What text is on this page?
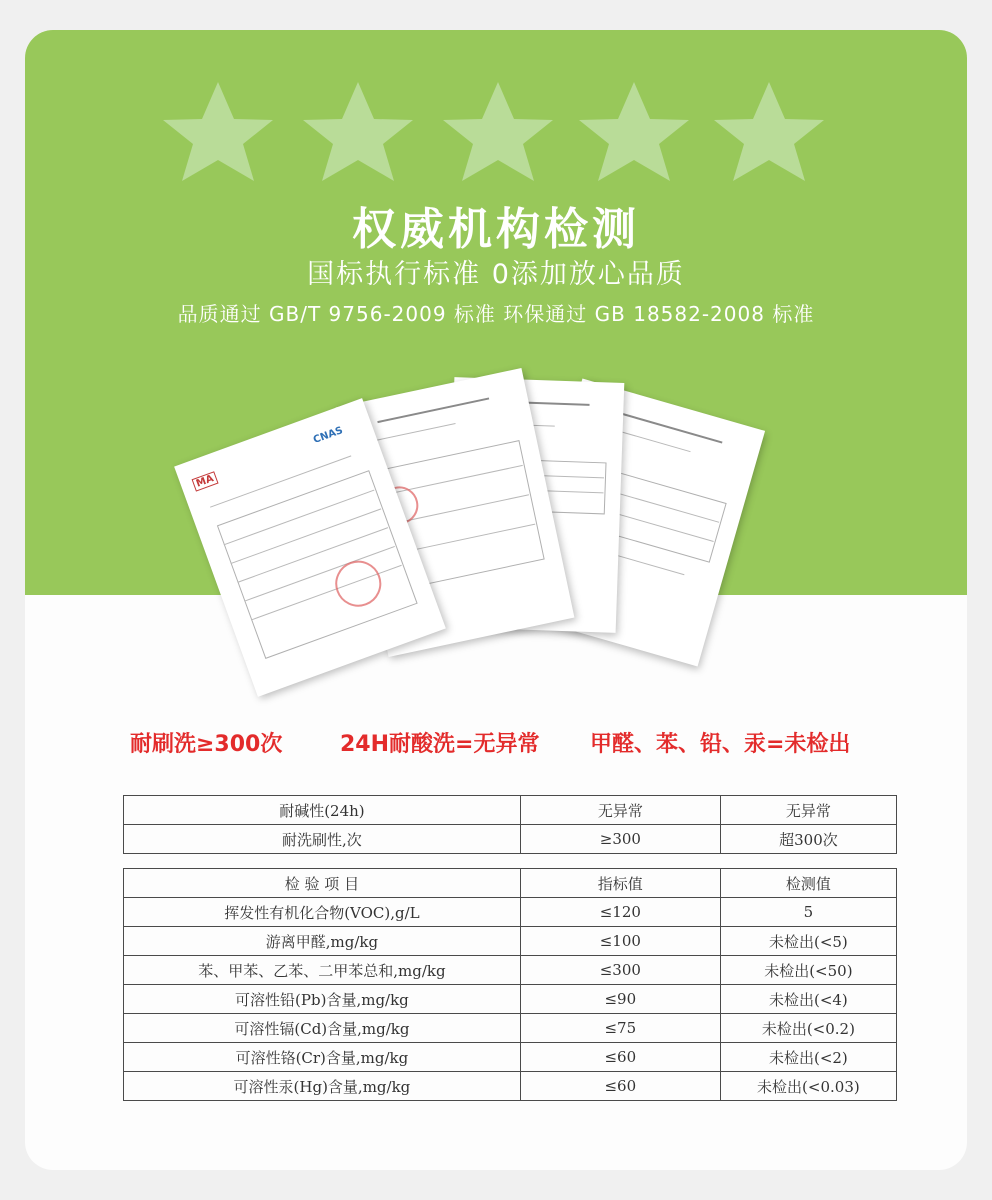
权威机构检测
国标执行标准 0添加放心品质
品质通过 GB/T 9756-2009 标准 环保通过 GB 18582-2008 标准
MA
CNAS
耐刷洗≥300次	24H耐酸洗=无异常 甲醛、苯、铅、汞=未检出
耐碱性(24h)	无异常	无异常
耐洗刷性,次	≥300	超300次
检 验 项 目	指标值	检测值
挥发性有机化合物(VOC),g/L	≤120	5
游离甲醛,mg/kg	≤100	未检出(<5)
苯、甲苯、乙苯、二甲苯总和,mg/kg	≤300	未检出(<50)
可溶性铅(Pb)含量,mg/kg	≤90	未检出(<4)
可溶性镉(Cd)含量,mg/kg	≤75	未检出(<0.2)
可溶性铬(Cr)含量,mg/kg	≤60	未检出(<2)
可溶性汞(Hg)含量,mg/kg	≤60	未检出(<0.03)
